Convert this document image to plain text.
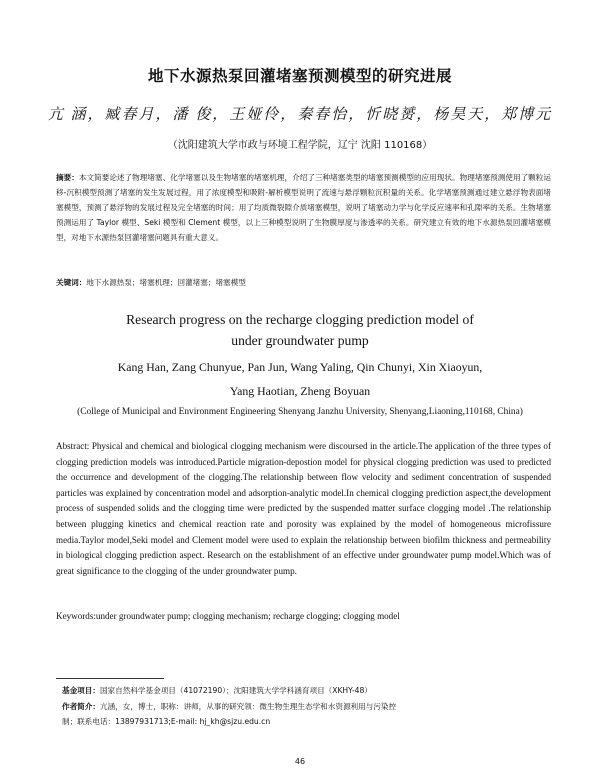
地下水源热泵回灌堵塞预测模型的研究进展
亢 涵，臧春月，潘 俊，王娅伶，秦春怡，忻晓赟，杨昊天，郑博元
（沈阳建筑大学市政与环境工程学院，辽宁 沈阳 110168）
摘要：本文简要论述了物理堵塞、化学堵塞以及生物堵塞的堵塞机理，介绍了三种堵塞类型的堵塞预测模型的应用现状。物理堵塞预测使用了颗粒运移-沉积模型预测了堵塞的发生发展过程，用了浓度模型和吸附-解析模型说明了流速与悬浮颗粒沉积量的关系。化学堵塞预测通过建立悬浮物表面堵塞模型，预测了悬浮物的发展过程及完全堵塞的时间；用了均质微裂隙介质堵塞模型，说明了堵塞动力学与化学反应速率和孔隙率的关系。生物堵塞预测运用了 Taylor 模型、Seki 模型和 Clement 模型，以上三种模型说明了生物膜厚度与渗透率的关系。研究建立有效的地下水源热泵回灌堵塞模型，对地下水源热泵回灌堵塞问题具有重大意义。
关键词：地下水源热泵；堵塞机理；回灌堵塞；堵塞模型
Research progress on the recharge clogging prediction model of
under groundwater pump
Kang Han, Zang Chunyue, Pan Jun, Wang Yaling, Qin Chunyi, Xin Xiaoyun,
Yang Haotian, Zheng Boyuan
(College of Municipal and Environment Engineering Shenyang Janzhu University, Shenyang,Liaoning,110168, China)
Abstract: Physical and chemical and biological clogging mechanism were discoursed in the article.The application of the three types of clogging prediction models was introduced.Particle migration-depostion model for physical clogging prediction was used to predicted the occurrence and development of the clogging.The relationship between flow velocity and sediment concentration of suspended particles was explained by concentration model and adsorption-analytic model.In chemical clogging prediction aspect,the development process of suspended solids and the clogging time were predicted by the suspended matter surface clogging model .The relationship between plugging kinetics and chemical reaction rate and porosity was explained by the model of homogeneous microfissure media.Taylor model,Seki model and Clement model were used to explain the relationship between biofilm thickness and permeability in biological clogging prediction aspect. Research on the establishment of an effective under groundwater pump model.Which was of great significance to the clogging of the under groundwater pump.
Keywords:under groundwater pump; clogging mechanism; recharge clogging; clogging model
基金项目：国家自然科学基金项目（41072190）；沈阳建筑大学学科涵育项目（XKHY-48）
作者简介：亢涵，女，博士，职称：讲师，从事的研究领：微生物生理生态学和水资源利用与污染控
制；联系电话：13897931713;E-mail: hj_kh@sjzu.edu.cn
46
